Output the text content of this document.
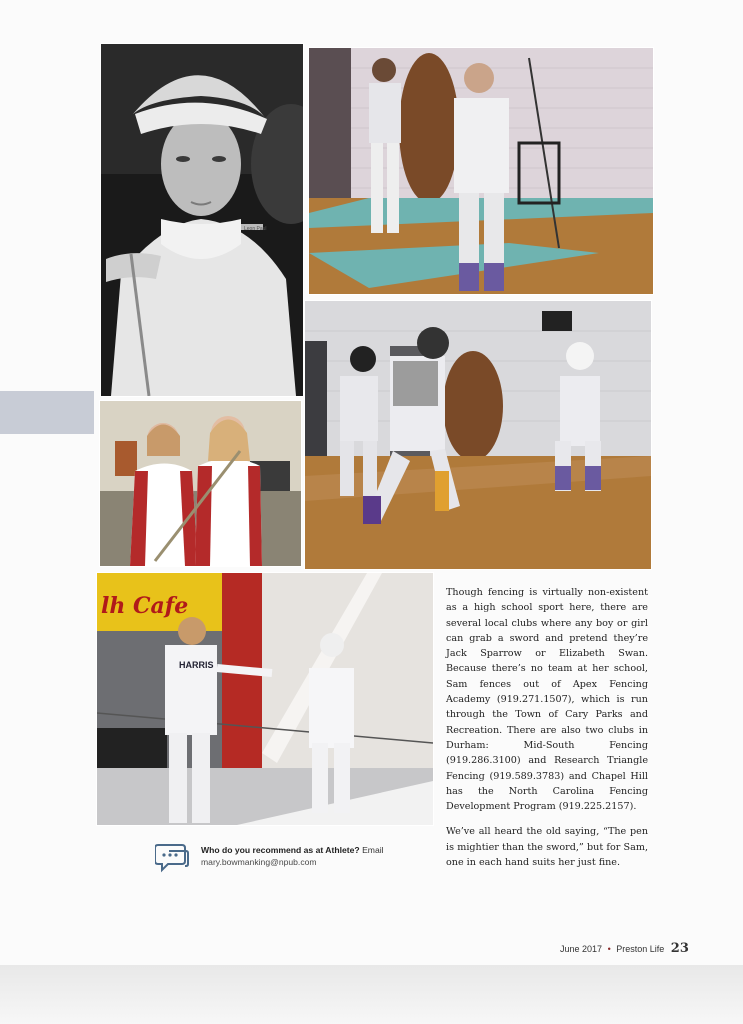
Leon Paul
lh Cafe
HARRIS

Though fencing is virtually non-existent as a high school sport here, there are several local clubs where any boy or girl can grab a sword and pretend they’re Jack Sparrow or Elizabeth Swan. Because there’s no team at her school, Sam fences out of Apex Fencing Academy (919.271.1507), which is run through the Town of Cary Parks and Recreation. There are also two clubs in Durham: Mid-South Fencing (919.286.3100) and Research Triangle Fencing (919.589.3783) and Chapel Hill has the North Carolina Fencing Development Program (919.225.2157).

We’ve all heard the old saying, “The pen is mightier than the sword,” but for Sam, one in each hand suits her just fine.

Who do you recommend as at Athlete? Email
mary.bowmanking@npub.com
June 2017 • Preston Life 23
